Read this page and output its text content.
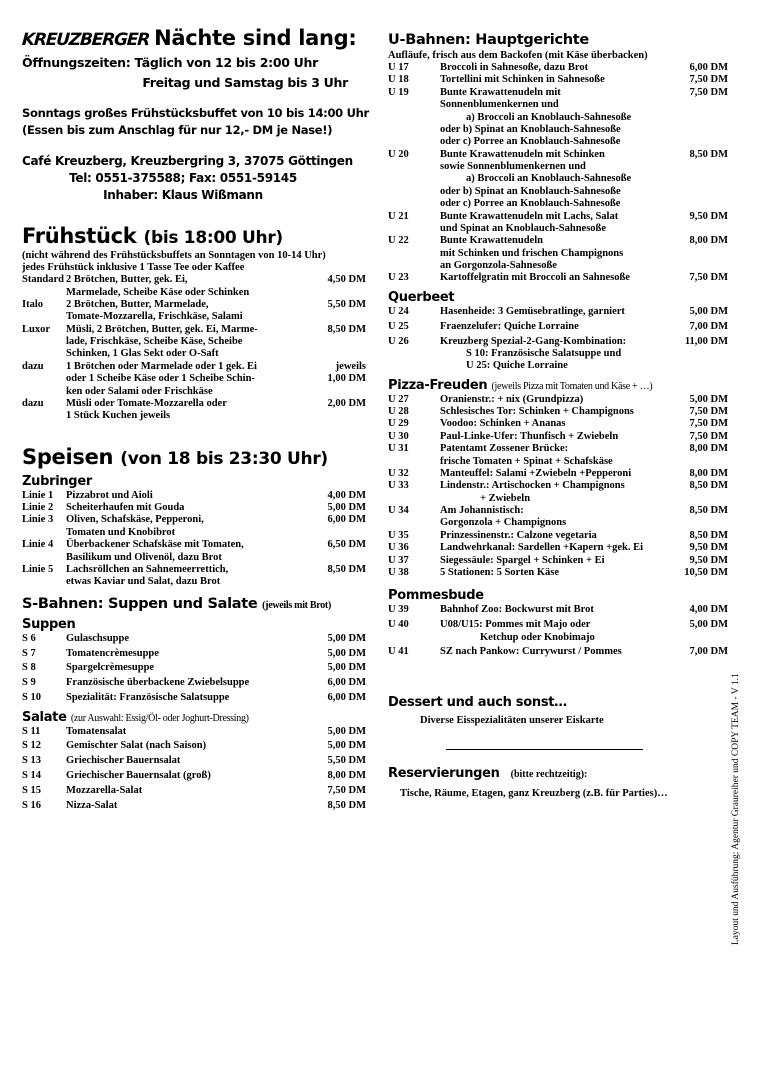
KREUZBERGER Nächte sind lang:
Öffnungszeiten: Täglich von 12 bis 2:00 Uhr
Freitag und Samstag bis 3 Uhr
Sonntags großes Frühstücksbuffet von 10 bis 14:00 Uhr
(Essen bis zum Anschlag für nur 12,- DM je Nase!)
Café Kreuzberg, Kreuzbergring 3, 37075 Göttingen
Tel: 0551-375588; Fax: 0551-59145
Inhaber: Klaus Wißmann
Frühstück (bis 18:00 Uhr)
(nicht während des Frühstücksbuffets an Sonntagen von 10-14 Uhr)
jedes Frühstück inklusive 1 Tasse Tee oder Kaffee
Standard	2 Brötchen, Butter, gek. Ei,
Marmelade, Scheibe Käse oder Schinken	4,50 DM

Italo	2 Brötchen, Butter, Marmelade,
Tomate-Mozzarella, Frischkäse, Salami	5,50 DM

Luxor	Müsli, 2 Brötchen, Butter, gek. Ei, Marme-
lade, Frischkäse, Scheibe Käse, Scheibe
Schinken, 1 Glas Sekt oder O-Saft	8,50 DM

dazu	1 Brötchen oder Marmelade oder 1 gek. Ei
oder 1 Scheibe Käse oder 1 Scheibe Schin-
ken oder Salami oder Frischkäse	jeweils
1,00 DM

dazu	Müsli oder Tomate-Mozzarella oder
1 Stück Kuchen jeweils	2,00 DM
Speisen (von 18 bis 23:30 Uhr)
Zubringer
Linie 1	Pizzabrot und Aioli	4,00 DM

Linie 2	Scheiterhaufen mit Gouda	5,00 DM

Linie 3	Oliven, Schafskäse, Pepperoni,
Tomaten und Knobibrot	6,00 DM

Linie 4	Überbackener Schafskäse mit Tomaten,
Basilikum und Olivenöl, dazu Brot	6,50 DM

Linie 5	Lachsröllchen an Sahnemeerrettich,
etwas Kaviar und Salat, dazu Brot	8,50 DM
S-Bahnen: Suppen und Salate (jeweils mit Brot)
Suppen
S 6	Gulaschsuppe	5,00 DM

S 7	Tomatencrèmesuppe	5,00 DM

S 8	Spargelcrèmesuppe	5,00 DM

S 9	Französische überbackene Zwiebelsuppe	6,00 DM

S 10	Spezialität: Französische Salatsuppe	6,00 DM
Salate (zur Auswahl: Essig/Öl- oder Joghurt-Dressing)
S 11	Tomatensalat	5,00 DM

S 12	Gemischter Salat (nach Saison)	5,00 DM

S 13	Griechischer Bauernsalat	5,50 DM

S 14	Griechischer Bauernsalat (groß)	8,00 DM

S 15	Mozzarella-Salat	7,50 DM

S 16	Nizza-Salat	8,50 DM
U-Bahnen: Hauptgerichte
Aufläufe, frisch aus dem Backofen (mit Käse überbacken)
U 17	Broccoli in Sahnesoße, dazu Brot	6,00 DM

U 18	Tortellini mit Schinken in Sahnesoße	7,50 DM

U 19	Bunte Krawattenudeln mit
Sonnenblumenkernen und
a) Broccoli an Knoblauch-Sahnesoße
oder b) Spinat an Knoblauch-Sahnesoße
oder c) Porree an Knoblauch-Sahnesoße	7,50 DM

U 20	Bunte Krawattenudeln mit Schinken
sowie Sonnenblumenkernen und
a) Broccoli an Knoblauch-Sahnesoße
oder b) Spinat an Knoblauch-Sahnesoße
oder c) Porree an Knoblauch-Sahnesoße	8,50 DM

U 21	Bunte Krawattenudeln mit Lachs, Salat
und Spinat an Knoblauch-Sahnesoße	9,50 DM

U 22	Bunte Krawattenudeln
mit Schinken und frischen Champignons
an Gorgonzola-Sahnesoße	8,00 DM

U 23	Kartoffelgratin mit Broccoli an Sahnesoße	7,50 DM
Querbeet
U 24	Hasenheide: 3 Gemüsebratlinge, garniert	5,00 DM

U 25	Fraenzelufer: Quiche Lorraine	7,00 DM

U 26	Kreuzberg Spezial-2-Gang-Kombination:
S 10: Französische Salatsuppe und
U 25: Quiche Lorraine	11,00 DM
Pizza-Freuden (jeweils Pizza mit Tomaten und Käse + …)
U 27	Oranienstr.: + nix (Grundpizza)	5,00 DM

U 28	Schlesisches Tor: Schinken + Champignons	7,50 DM

U 29	Voodoo: Schinken + Ananas	7,50 DM

U 30	Paul-Linke-Ufer: Thunfisch + Zwiebeln	7,50 DM

U 31	Patentamt Zossener Brücke:
frische Tomaten + Spinat + Schafskäse	8,00 DM

U 32	Manteuffel: Salami +Zwiebeln +Pepperoni	8,00 DM

U 33	Lindenstr.: Artischocken + Champignons
+ Zwiebeln	8,50 DM

U 34	Am Johannistisch:
Gorgonzola + Champignons	8,50 DM

U 35	Prinzessinenstr.: Calzone vegetaria	8,50 DM

U 36	Landwehrkanal: Sardellen +Kapern +gek. Ei	9,50 DM

U 37	Siegessäule: Spargel + Schinken + Ei	9,50 DM

U 38	5 Stationen: 5 Sorten Käse	10,50 DM
Pommesbude
U 39	Bahnhof Zoo: Bockwurst mit Brot	4,00 DM

U 40	U08/U15: Pommes mit Majo oder
Ketchup oder Knobimajo	5,00 DM

U 41	SZ nach Pankow: Currywurst / Pommes	7,00 DM
Dessert und auch sonst…
Diverse Eisspezialitäten unserer Eiskarte
Reservierungen (bitte rechtzeitig):
Tische, Räume, Etagen, ganz Kreuzberg (z.B. für Parties)…	Layout und Ausführung: Agentur Graureiher und COPY TEAM - V 1.1
